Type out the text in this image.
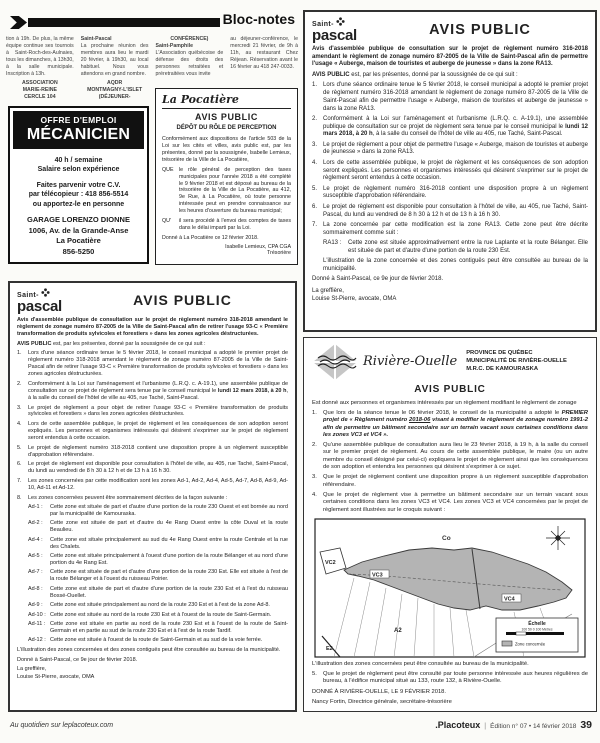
Bloc-notes
tion à 19h. De plus, la même équipe continue ses tournois à Saint-Roch-des-Aulnaies, tous les dimanches, à 13h30, à la salle municipale. Inscription à 13h.
ASSOCIATION
MARIE-REINE
CERCLE 104
Saint-Pascal
La prochaine réunion des membres aura lieu le mardi 20 février, à 19h30, au local habituel. Nous vous attendons en grand nombre.
AQDR
MONTMAGNY-L'ISLET
(DÉJEUNER-
CONFÉRENCE)
Saint-Pamphile
L'Association québécoise de défense des droits des personnes retraitées et préretraitées vous invite
au déjeuner-conférence, le mercredi 21 février, de 9h à 11h, au restaurant Chez Réjean. Réservation avant le 16 février au 418 247-0033.
OFFRE D'EMPLOI
MÉCANICIEN
40 h / semaine
Salaire selon expérience
Faites parvenir votre C.V.
par télécopieur : 418 856-5514
ou apportez-le en personne
GARAGE LORENZO DIONNE
1006, Av. de la Grande-Anse
La Pocatière
856-5250
La Pocatière
AVIS PUBLIC
DÉPÔT DU RÔLE DE PERCEPTION
Conformément aux dispositions de l'article 503 de la Loi sur les cités et villes, avis public est, par les présentes, donné par la soussignée, Isabelle Lemieux, trésorière de la Ville de La Pocatière,
QUE	le rôle général de perception des taxes municipales pour l'année 2018 a été complété le 9 février 2018 et est déposé au bureau de la trésorière de la Ville de La Pocatière, au 412, 9e Rue, à La Pocatière, où toute personne intéressée peut en prendre connaissance sur les heures d'ouverture du bureau municipal;
QU'	il sera procédé à l'envoi des comptes de taxes dans le délai imparti par la Loi.
Donné à La Pocatière ce 12 février 2018.
Isabelle Lemieux, CPA CGA
Trésorière
Saint-
pascal	AVIS PUBLIC
Avis d'assemblée publique de consultation sur le projet de règlement numéro 316-2018 amendant le règlement de zonage numéro 87-2005 de la Ville de Saint-Pascal afin de permettre l'usage « Auberge, maison de touristes et auberge de jeunesse » dans la zone RA13.
AVIS PUBLIC est, par les présentes, donné par la soussignée de ce qui suit :
1. Lors d'une séance ordinaire tenue le 5 février 2018, le conseil municipal a adopté le premier projet de règlement numéro 316-2018 amendant le règlement de zonage numéro 87-2005 de la Ville de Saint-Pascal afin de permettre l'usage « Auberge, maison de touristes et auberge de jeunesse » dans la zone RA13.
2. Conformément à la Loi sur l'aménagement et l'urbanisme (L.R.Q. c. A-19.1), une assemblée publique de consultation sur ce projet de règlement sera tenue par le conseil municipal le lundi 12 mars 2018, à 20 h, à la salle du conseil de l'hôtel de ville au 405, rue Taché, Saint-Pascal.
3. Le projet de règlement a pour objet de permettre l'usage « Auberge, maison de touristes et auberge de jeunesse » dans la zone RA13.
4. Lors de cette assemblée publique, le projet de règlement et les conséquences de son adoption seront expliqués. Les personnes et organismes intéressés qui désirent s'exprimer sur le projet de règlement seront entendus à cette occasion.
5. Le projet de règlement numéro 316-2018 contient une disposition propre à un règlement susceptible d'approbation référendaire.
6. Le projet de règlement est disponible pour consultation à l'hôtel de ville, au 405, rue Taché, Saint-Pascal, du lundi au vendredi de 8 h 30 à 12 h et de 13 h à 16 h 30.
7. La zone concernée par cette modification est la zone RA13. Cette zone peut être décrite sommairement comme suit :
RA13 :	Cette zone est située approximativement entre la rue Laplante et la route Bélanger. Elle est située de part et d'autre d'une portion de la route 230 Est.
L'illustration de la zone concernée et des zones contiguës peut être consultée au bureau de la municipalité.
Donné à Saint-Pascal, ce 9e jour de février 2018.
La greffière,
Louise St-Pierre, avocate, OMA
Saint-
pascal	AVIS PUBLIC
Avis d'assemblée publique de consultation sur le projet de règlement numéro 318-2018 amendant le règlement de zonage numéro 87-2005 de la Ville de Saint-Pascal afin de retirer l'usage 93-C « Première transformation de produits sylvicoles et forestiers » dans les zones agricoles déstructurées.
AVIS PUBLIC est, par les présentes, donné par la soussignée de ce qui suit :
1.	Lors d'une séance ordinaire tenue le 5 février 2018, le conseil municipal a adopté le premier projet de règlement numéro 318-2018 amendant le règlement de zonage numéro 87-2005 de la Ville de Saint-Pascal afin de retirer l'usage 93-C « Première transformation de produits sylvicoles et forestiers » dans les zones agricoles déstructurées.
2.	Conformément à la Loi sur l'aménagement et l'urbanisme (L.R.Q. c. A-19.1), une assemblée publique de consultation sur ce projet de règlement sera tenue par le conseil municipal le lundi 12 mars 2018, à 20 h, à la salle du conseil de l'hôtel de ville au 405, rue Taché, Saint-Pascal.
3.	Le projet de règlement a pour objet de retirer l'usage 93-C « Première transformation de produits sylvicoles et forestiers » dans les zones agricoles déstructurées.
4.	Lors de cette assemblée publique, le projet de règlement et les conséquences de son adoption seront expliqués. Les personnes et organismes intéressés qui désirent s'exprimer sur le projet de règlement seront entendus à cette occasion.
5.	Le projet de règlement numéro 318-2018 contient une disposition propre à un règlement susceptible d'approbation référendaire.
6.	Le projet de règlement est disponible pour consultation à l'hôtel de ville, au 405, rue Taché, Saint-Pascal, du lundi au vendredi de 8 h 30 à 12 h et de 13 h à 16 h 30.
7.	Les zones concernées par cette modification sont les zones Ad-1, Ad-2, Ad-4, Ad-5, Ad-7, Ad-8, Ad-9, Ad-10, Ad-11 et Ad-12.
8.	Les zones concernées peuvent être sommairement décrites de la façon suivante :
Ad-1 :	Cette zone est située de part et d'autre d'une portion de la route 230 Ouest et est bornée au nord par la municipalité de Kamouraska.
Ad-2 :	Cette zone est située de part et d'autre du 4e Rang Ouest entre la côte Duval et la route Beaulieu.
Ad-4 :	Cette zone est située principalement au sud du 4e Rang Ouest entre la route Centrale et la rue des Chalets.
Ad-5 :	Cette zone est située principalement à l'ouest d'une portion de la route Bélanger et au nord d'une portion du 4e Rang Est.
Ad-7 :	Cette zone est située de part et d'autre d'une portion de la route 230 Est. Elle est située à l'est de la route Bélanger et à l'ouest du ruisseau Poirier.
Ad-8 :	Cette zone est située de part et d'autre d'une portion de la route 230 Est et à l'est du ruisseau Bossé-Ouellet.
Ad-9 :	Cette zone est située principalement au nord de la route 230 Est et à l'est de la zone Ad-8.
Ad-10 : Cette zone est située au nord de la route 230 Est et à l'ouest de la route de Saint-Germain.
Ad-11 : Cette zone est située en partie au nord de la route 230 Est et à l'ouest de la route de Saint-Germain et en partie au sud de la route 230 Est et à l'est de la route Tardif.
Ad-12 : Cette zone est située à l'ouest de la route de Saint-Germain et au sud de la voie ferrée.
L'illustration des zones concernées et des zones contiguës peut être consultée au bureau de la municipalité.
Donné à Saint-Pascal, ce 9e jour de février 2018.
La greffière,
Louise St-Pierre, avocate, OMA
Rivière-Ouelle
PROVINCE DE QUÉBEC
MUNICIPALITÉ DE RIVIÈRE-OUELLE
M.R.C. DE KAMOURASKA
AVIS PUBLIC
Est donné aux personnes et organismes intéressés par un règlement modifiant le règlement de zonage
1.	Que lors de la séance tenue le 06 février 2018, le conseil de la municipalité a adopté le PREMIER projet de « Règlement numéro 2018-06 visant à modifier le règlement de zonage numéro 1991-2 afin de permettre un bâtiment secondaire sur un terrain vacant sous certaines conditions dans les zones VC3 et VC4 ».
2.	Qu'une assemblée publique de consultation aura lieu le 23 février 2018, à 19 h, à la salle du conseil sur le premier projet de règlement. Au cours de cette assemblée publique, le maire (ou un autre membre du conseil désigné par celui-ci) expliquera le projet de règlement ainsi que les conséquences de son adoption et entendra les personnes qui désirent s'exprimer à ce sujet.
3.	Que le projet de règlement contient une disposition propre à un règlement susceptible d'approbation référendaire.
4.	Que le projet de règlement vise à permettre un bâtiment secondaire sur un terrain vacant sous certaines conditions dans les zones VC3 et VC4. Les zones VC3 et VC4 concernées par le projet de règlement sont illustrées sur le croquis suivant :
Co
VC2
VC3
VC4
A2
E2
Échelle
100 50 0 100 Mètres
Zone concernée
L'illustration des zones concernées peut être consultée au bureau de la municipalité.
5.	Que le projet de règlement peut être consulté par toute personne intéressée aux heures régulières de bureau, à l'édifice municipal situé au 133, route 132, à Rivière-Ouelle.
DONNÉ À RIVIÈRE-OUELLE, LE 9 FÉVRIER 2018.
Nancy Fortin, Directrice générale, secrétaire-trésorière
Au quotidien sur leplacoteux.com	.Placoteux | Édition n° 07 • 14 février 2018 39
